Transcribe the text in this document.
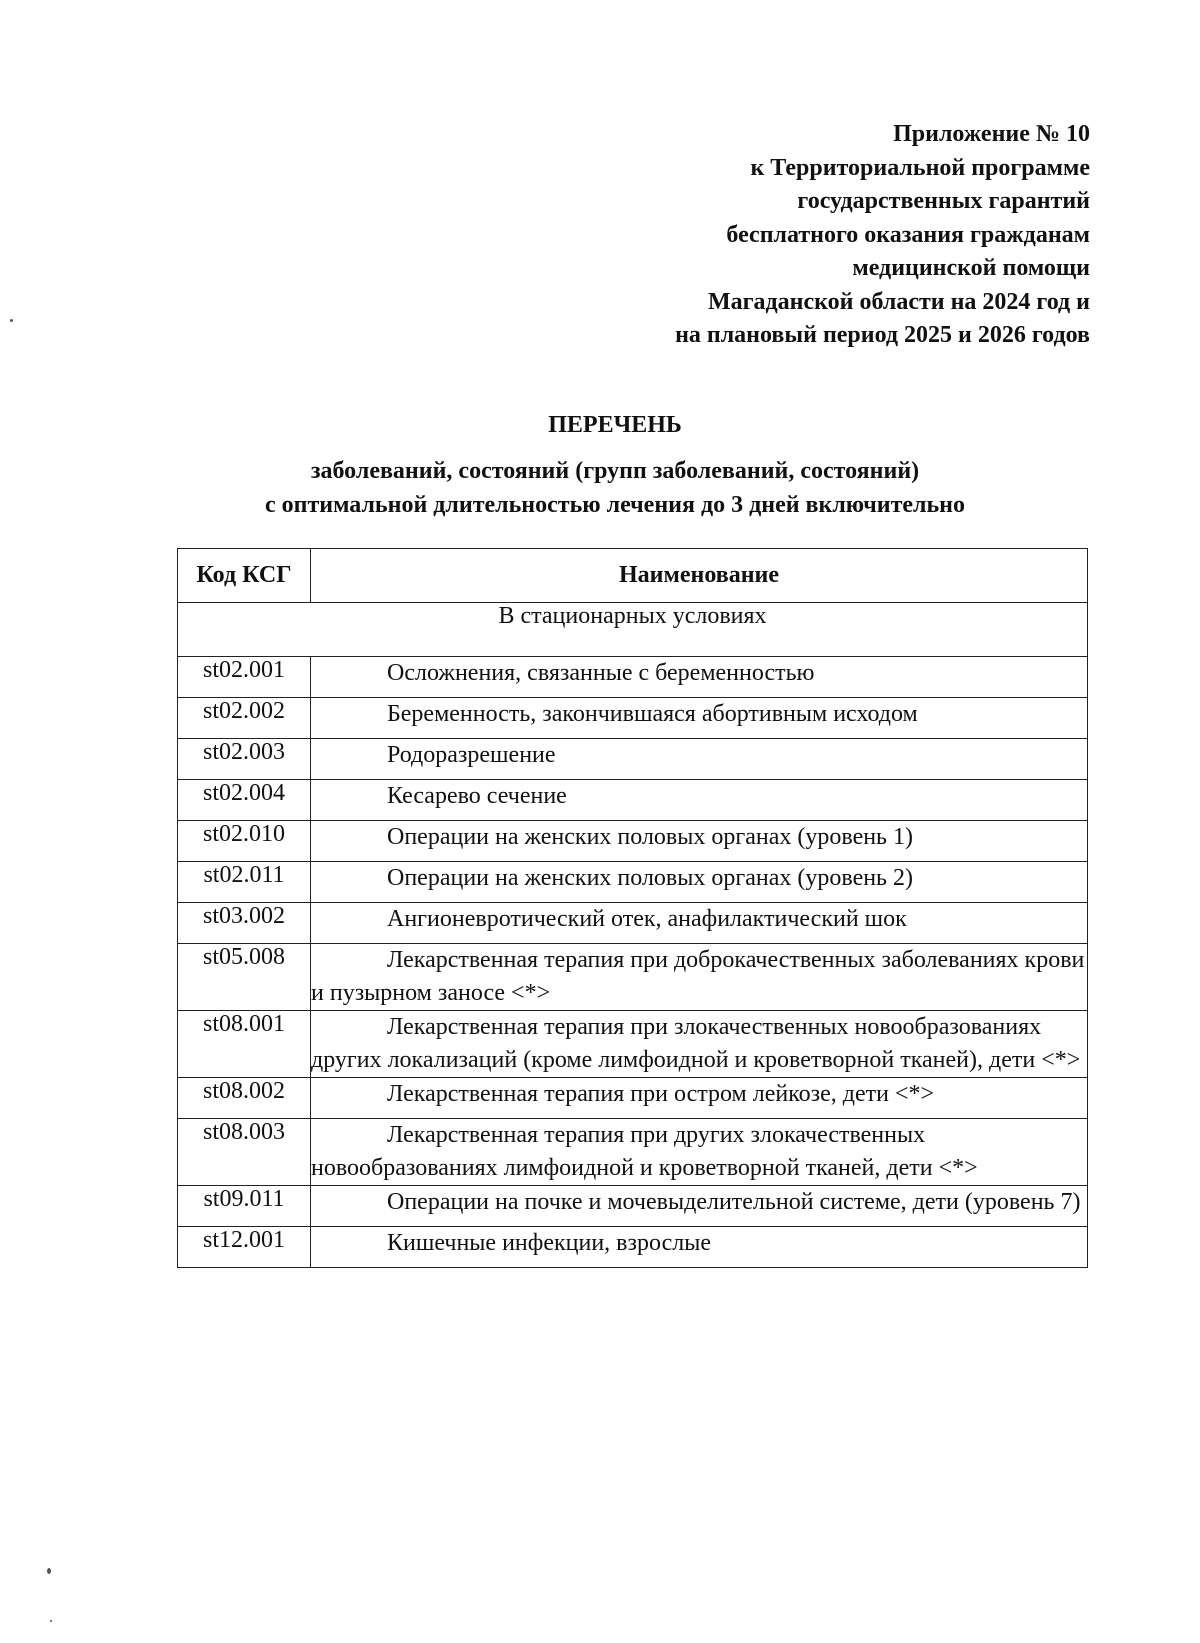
Приложение № 10
к Территориальной программе
государственных гарантий
бесплатного оказания гражданам
медицинской помощи
Магаданской области на 2024 год и
на плановый период 2025 и 2026 годов
ПЕРЕЧЕНЬ
заболеваний, состояний (групп заболеваний, состояний)
с оптимальной длительностью лечения до 3 дней включительно
Код КСГ	Наименование
В стационарных условиях	
st02.001	Осложнения, связанные с беременностью
st02.002	Беременность, закончившаяся абортивным исходом
st02.003	Родоразрешение
st02.004	Кесарево сечение
st02.010	Операции на женских половых органах (уровень 1)
st02.011	Операции на женских половых органах (уровень 2)
st03.002	Ангионевротический отек, анафилактический шок
st05.008	Лекарственная терапия при доброкачественных заболеваниях крови и пузырном заносе <*>
st08.001	Лекарственная терапия при злокачественных новообразованиях других локализаций (кроме лимфоидной и кроветворной тканей), дети <*>
st08.002	Лекарственная терапия при остром лейкозе, дети <*>
st08.003	Лекарственная терапия при других злокачественных новообразованиях лимфоидной и кроветворной тканей, дети <*>
st09.011	Операции на почке и мочевыделительной системе, дети (уровень 7)
st12.001	Кишечные инфекции, взрослые
